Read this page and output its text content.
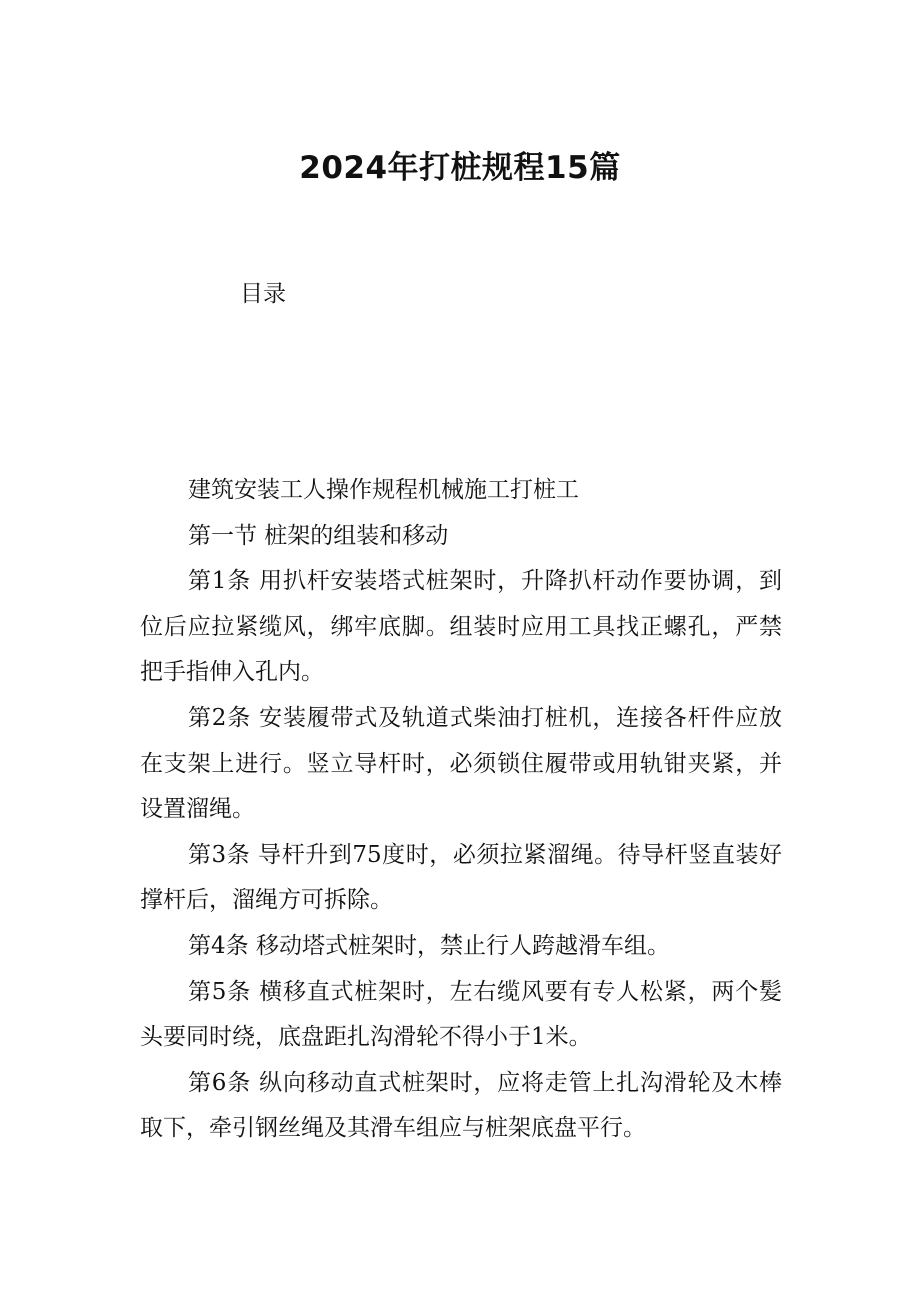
2024年打桩规程15篇

目录

建筑安装工人操作规程机械施工打桩工

第一节 桩架的组装和移动

第1条 用扒杆安装塔式桩架时，升降扒杆动作要协调，到位后应拉紧缆风，绑牢底脚。组装时应用工具找正螺孔，严禁把手指伸入孔内。

第2条 安装履带式及轨道式柴油打桩机，连接各杆件应放在支架上进行。竖立导杆时，必须锁住履带或用轨钳夹紧，并设置溜绳。

第3条 导杆升到75度时，必须拉紧溜绳。待导杆竖直装好撑杆后，溜绳方可拆除。

第4条 移动塔式桩架时，禁止行人跨越滑车组。

第5条 横移直式桩架时，左右缆风要有专人松紧，两个髪头要同时绕，底盘距扎沟滑轮不得小于1米。

第6条 纵向移动直式桩架时，应将走管上扎沟滑轮及木棒取下，牵引钢丝绳及其滑车组应与桩架底盘平行。
